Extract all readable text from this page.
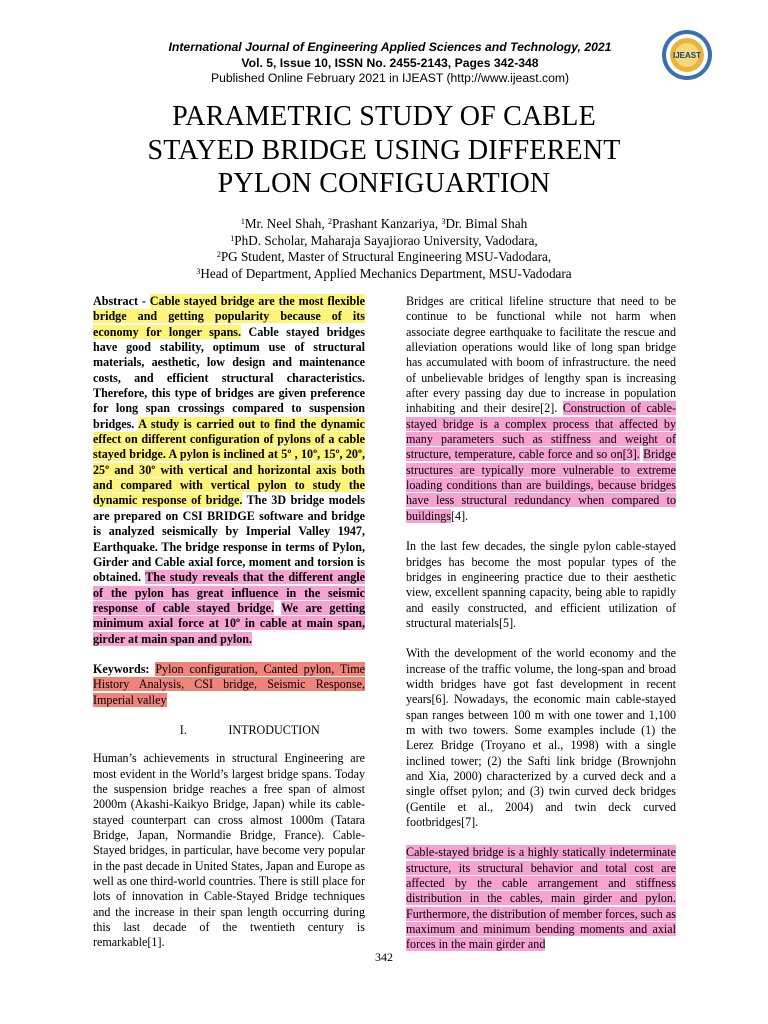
International Journal of Engineering Applied Sciences and Technology, 2021
Vol. 5, Issue 10, ISSN No. 2455-2143, Pages 342-348
Published Online February 2021 in IJEAST (http://www.ijeast.com)
IJEAST
PARAMETRIC STUDY OF CABLE
STAYED BRIDGE USING DIFFERENT
PYLON CONFIGUARTION
$^1$Mr. Neel Shah, $^2$Prashant Kanzariya, $^3$Dr. Bimal Shah
$^1$PhD. Scholar, Maharaja Sayajiorao University, Vadodara,
$^2$PG Student, Master of Structural Engineering MSU-Vadodara,
$^3$Head of Department, Applied Mechanics Department, MSU-Vadodara

Abstract - Cable stayed bridge are the most flexible bridge and getting popularity because of its economy for longer spans. Cable stayed bridges have good stability, optimum use of structural materials, aesthetic, low design and maintenance costs, and efficient structural characteristics. Therefore, this type of bridges are given preference for long span crossings compared to suspension bridges. A study is carried out to find the dynamic effect on different configuration of pylons of a cable stayed bridge. A pylon is inclined at 5º , 10º, 15º, 20º, 25º and 30º with vertical and horizontal axis both and compared with vertical pylon to study the dynamic response of bridge. The 3D bridge models are prepared on CSI BRIDGE software and bridge is analyzed seismically by Imperial Valley 1947, Earthquake. The bridge response in terms of Pylon, Girder and Cable axial force, moment and torsion is obtained. The study reveals that the different angle of the pylon has great influence in the seismic response of cable stayed bridge. We are getting minimum axial force at 10º in cable at main span, girder at main span and pylon.

Keywords: Pylon configuration, Canted pylon, Time History Analysis, CSI bridge, Seismic Response, Imperial valley

I.	INTRODUCTION

Human’s achievements in structural Engineering are most evident in the World’s largest bridge spans. Today the suspension bridge reaches a free span of almost 2000m (Akashi-Kaikyo Bridge, Japan) while its cable-stayed counterpart can cross almost 1000m (Tatara Bridge, Japan, Normandie Bridge, France). Cable-Stayed bridges, in particular, have become very popular in the past decade in United States, Japan and Europe as well as one third-world countries. There is still place for lots of innovation in Cable-Stayed Bridge techniques and the increase in their span length occurring during this last decade of the twentieth century is remarkable[1].

Bridges are critical lifeline structure that need to be continue to be functional while not harm when associate degree earthquake to facilitate the rescue and alleviation operations would like of long span bridge has accumulated with boom of infrastructure. the need of unbelievable bridges of lengthy span is increasing after every passing day due to increase in population inhabiting and their desire[2]. Construction of cable-stayed bridge is a complex process that affected by many parameters such as stiffness and weight of structure, temperature, cable force and so on[3]. Bridge structures are typically more vulnerable to extreme loading conditions than are buildings, because bridges have less structural redundancy when compared to buildings[4].

In the last few decades, the single pylon cable-stayed bridges has become the most popular types of the bridges in engineering practice due to their aesthetic view, excellent spanning capacity, being able to rapidly and easily constructed, and efficient utilization of structural materials[5].

With the development of the world economy and the increase of the traffic volume, the long-span and broad width bridges have got fast development in recent years[6]. Nowadays, the economic main cable-stayed span ranges between 100 m with one tower and 1,100 m with two towers. Some examples include (1) the Lerez Bridge (Troyano et al., 1998) with a single inclined tower; (2) the Safti link bridge (Brownjohn and Xia, 2000) characterized by a curved deck and a single offset pylon; and (3) twin curved deck bridges (Gentile et al., 2004) and twin deck curved footbridges[7].

Cable-stayed bridge is a highly statically indeterminate structure, its structural behavior and total cost are affected by the cable arrangement and stiffness distribution in the cables, main girder and pylon. Furthermore, the distribution of member forces, such as maximum and minimum bending moments and axial forces in the main girder and

342
